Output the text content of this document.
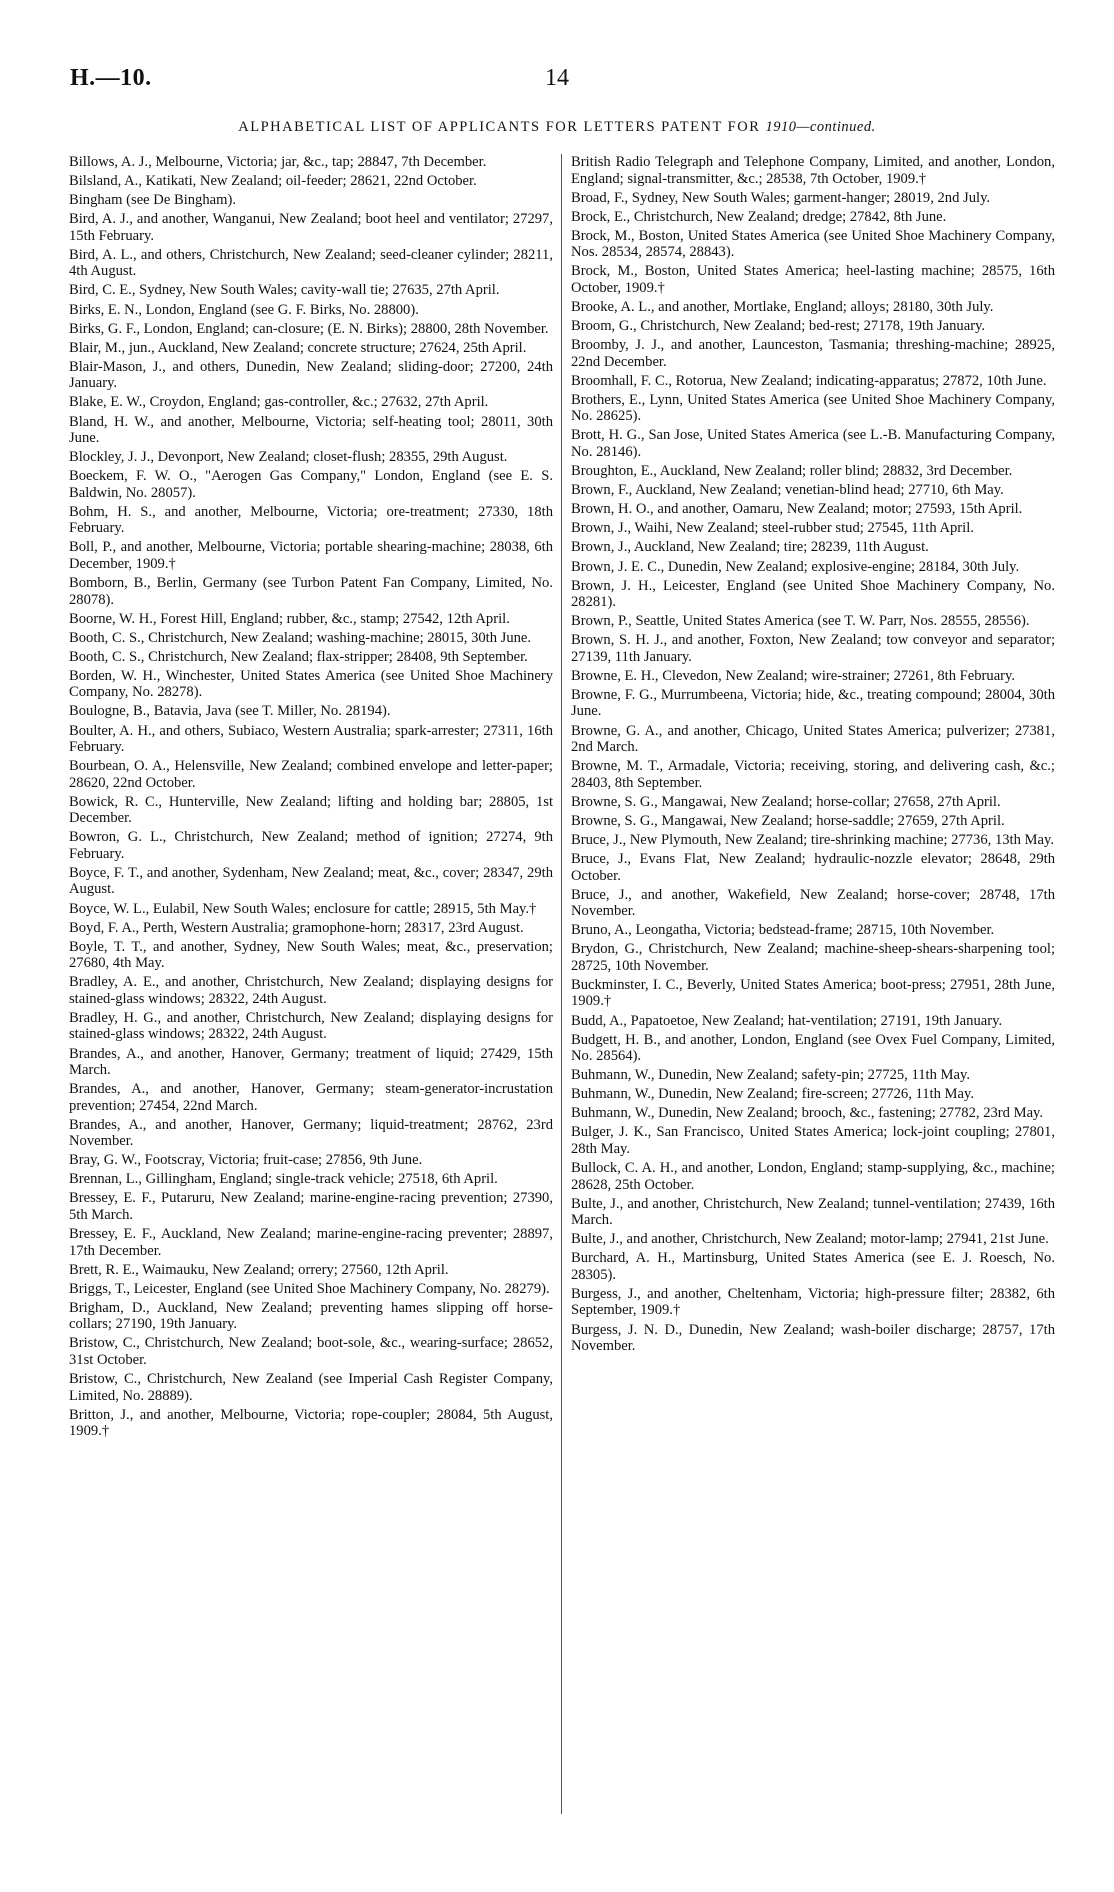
H.—10.	14
ALPHABETICAL LIST OF APPLICANTS FOR LETTERS PATENT FOR 1910—continued.

Billows, A. J., Melbourne, Victoria; jar, &c., tap; 28847, 7th December.

Bilsland, A., Katikati, New Zealand; oil-feeder; 28621, 22nd October.

Bingham (see De Bingham).

Bird, A. J., and another, Wanganui, New Zealand; boot heel and ventilator; 27297, 15th February.

Bird, A. L., and others, Christchurch, New Zealand; seed-cleaner cylinder; 28211, 4th August.

Bird, C. E., Sydney, New South Wales; cavity-wall tie; 27635, 27th April.

Birks, E. N., London, England (see G. F. Birks, No. 28800).

Birks, G. F., London, England; can-closure; (E. N. Birks); 28800, 28th November.

Blair, M., jun., Auckland, New Zealand; concrete structure; 27624, 25th April.

Blair-Mason, J., and others, Dunedin, New Zealand; sliding-door; 27200, 24th January.

Blake, E. W., Croydon, England; gas-controller, &c.; 27632, 27th April.

Bland, H. W., and another, Melbourne, Victoria; self-heating tool; 28011, 30th June.

Blockley, J. J., Devonport, New Zealand; closet-flush; 28355, 29th August.

Boeckem, F. W. O., "Aerogen Gas Company," London, England (see E. S. Baldwin, No. 28057).

Bohm, H. S., and another, Melbourne, Victoria; ore-treatment; 27330, 18th February.

Boll, P., and another, Melbourne, Victoria; portable shearing-machine; 28038, 6th December, 1909.†

Bomborn, B., Berlin, Germany (see Turbon Patent Fan Company, Limited, No. 28078).

Boorne, W. H., Forest Hill, England; rubber, &c., stamp; 27542, 12th April.

Booth, C. S., Christchurch, New Zealand; washing-machine; 28015, 30th June.

Booth, C. S., Christchurch, New Zealand; flax-stripper; 28408, 9th September.

Borden, W. H., Winchester, United States America (see United Shoe Machinery Company, No. 28278).

Boulogne, B., Batavia, Java (see T. Miller, No. 28194).

Boulter, A. H., and others, Subiaco, Western Australia; spark-arrester; 27311, 16th February.

Bourbean, O. A., Helensville, New Zealand; combined envelope and letter-paper; 28620, 22nd October.

Bowick, R. C., Hunterville, New Zealand; lifting and holding bar; 28805, 1st December.

Bowron, G. L., Christchurch, New Zealand; method of ignition; 27274, 9th February.

Boyce, F. T., and another, Sydenham, New Zealand; meat, &c., cover; 28347, 29th August.

Boyce, W. L., Eulabil, New South Wales; enclosure for cattle; 28915, 5th May.†

Boyd, F. A., Perth, Western Australia; gramophone-horn; 28317, 23rd August.

Boyle, T. T., and another, Sydney, New South Wales; meat, &c., preservation; 27680, 4th May.

Bradley, A. E., and another, Christchurch, New Zealand; displaying designs for stained-glass windows; 28322, 24th August.

Bradley, H. G., and another, Christchurch, New Zealand; displaying designs for stained-glass windows; 28322, 24th August.

Brandes, A., and another, Hanover, Germany; treatment of liquid; 27429, 15th March.

Brandes, A., and another, Hanover, Germany; steam-generator-incrustation prevention; 27454, 22nd March.

Brandes, A., and another, Hanover, Germany; liquid-treatment; 28762, 23rd November.

Bray, G. W., Footscray, Victoria; fruit-case; 27856, 9th June.

Brennan, L., Gillingham, England; single-track vehicle; 27518, 6th April.

Bressey, E. F., Putaruru, New Zealand; marine-engine-racing prevention; 27390, 5th March.

Bressey, E. F., Auckland, New Zealand; marine-engine-racing preventer; 28897, 17th December.

Brett, R. E., Waimauku, New Zealand; orrery; 27560, 12th April.

Briggs, T., Leicester, England (see United Shoe Machinery Company, No. 28279).

Brigham, D., Auckland, New Zealand; preventing hames slipping off horse-collars; 27190, 19th January.

Bristow, C., Christchurch, New Zealand; boot-sole, &c., wearing-surface; 28652, 31st October.

Bristow, C., Christchurch, New Zealand (see Imperial Cash Register Company, Limited, No. 28889).

Britton, J., and another, Melbourne, Victoria; rope-coupler; 28084, 5th August, 1909.†

British Radio Telegraph and Telephone Company, Limited, and another, London, England; signal-transmitter, &c.; 28538, 7th October, 1909.†

Broad, F., Sydney, New South Wales; garment-hanger; 28019, 2nd July.

Brock, E., Christchurch, New Zealand; dredge; 27842, 8th June.

Brock, M., Boston, United States America (see United Shoe Machinery Company, Nos. 28534, 28574, 28843).

Brock, M., Boston, United States America; heel-lasting machine; 28575, 16th October, 1909.†

Brooke, A. L., and another, Mortlake, England; alloys; 28180, 30th July.

Broom, G., Christchurch, New Zealand; bed-rest; 27178, 19th January.

Broomby, J. J., and another, Launceston, Tasmania; threshing-machine; 28925, 22nd December.

Broomhall, F. C., Rotorua, New Zealand; indicating-apparatus; 27872, 10th June.

Brothers, E., Lynn, United States America (see United Shoe Machinery Company, No. 28625).

Brott, H. G., San Jose, United States America (see L.-B. Manufacturing Company, No. 28146).

Broughton, E., Auckland, New Zealand; roller blind; 28832, 3rd December.

Brown, F., Auckland, New Zealand; venetian-blind head; 27710, 6th May.

Brown, H. O., and another, Oamaru, New Zealand; motor; 27593, 15th April.

Brown, J., Waihi, New Zealand; steel-rubber stud; 27545, 11th April.

Brown, J., Auckland, New Zealand; tire; 28239, 11th August.

Brown, J. E. C., Dunedin, New Zealand; explosive-engine; 28184, 30th July.

Brown, J. H., Leicester, England (see United Shoe Machinery Company, No. 28281).

Brown, P., Seattle, United States America (see T. W. Parr, Nos. 28555, 28556).

Brown, S. H. J., and another, Foxton, New Zealand; tow conveyor and separator; 27139, 11th January.

Browne, E. H., Clevedon, New Zealand; wire-strainer; 27261, 8th February.

Browne, F. G., Murrumbeena, Victoria; hide, &c., treating compound; 28004, 30th June.

Browne, G. A., and another, Chicago, United States America; pulverizer; 27381, 2nd March.

Browne, M. T., Armadale, Victoria; receiving, storing, and delivering cash, &c.; 28403, 8th September.

Browne, S. G., Mangawai, New Zealand; horse-collar; 27658, 27th April.

Browne, S. G., Mangawai, New Zealand; horse-saddle; 27659, 27th April.

Bruce, J., New Plymouth, New Zealand; tire-shrinking machine; 27736, 13th May.

Bruce, J., Evans Flat, New Zealand; hydraulic-nozzle elevator; 28648, 29th October.

Bruce, J., and another, Wakefield, New Zealand; horse-cover; 28748, 17th November.

Bruno, A., Leongatha, Victoria; bedstead-frame; 28715, 10th November.

Brydon, G., Christchurch, New Zealand; machine-sheep-shears-sharpening tool; 28725, 10th November.

Buckminster, I. C., Beverly, United States America; boot-press; 27951, 28th June, 1909.†

Budd, A., Papatoetoe, New Zealand; hat-ventilation; 27191, 19th January.

Budgett, H. B., and another, London, England (see Ovex Fuel Company, Limited, No. 28564).

Buhmann, W., Dunedin, New Zealand; safety-pin; 27725, 11th May.

Buhmann, W., Dunedin, New Zealand; fire-screen; 27726, 11th May.

Buhmann, W., Dunedin, New Zealand; brooch, &c., fastening; 27782, 23rd May.

Bulger, J. K., San Francisco, United States America; lock-joint coupling; 27801, 28th May.

Bullock, C. A. H., and another, London, England; stamp-supplying, &c., machine; 28628, 25th October.

Bulte, J., and another, Christchurch, New Zealand; tunnel-ventilation; 27439, 16th March.

Bulte, J., and another, Christchurch, New Zealand; motor-lamp; 27941, 21st June.

Burchard, A. H., Martinsburg, United States America (see E. J. Roesch, No. 28305).

Burgess, J., and another, Cheltenham, Victoria; high-pressure filter; 28382, 6th September, 1909.†

Burgess, J. N. D., Dunedin, New Zealand; wash-boiler discharge; 28757, 17th November.
